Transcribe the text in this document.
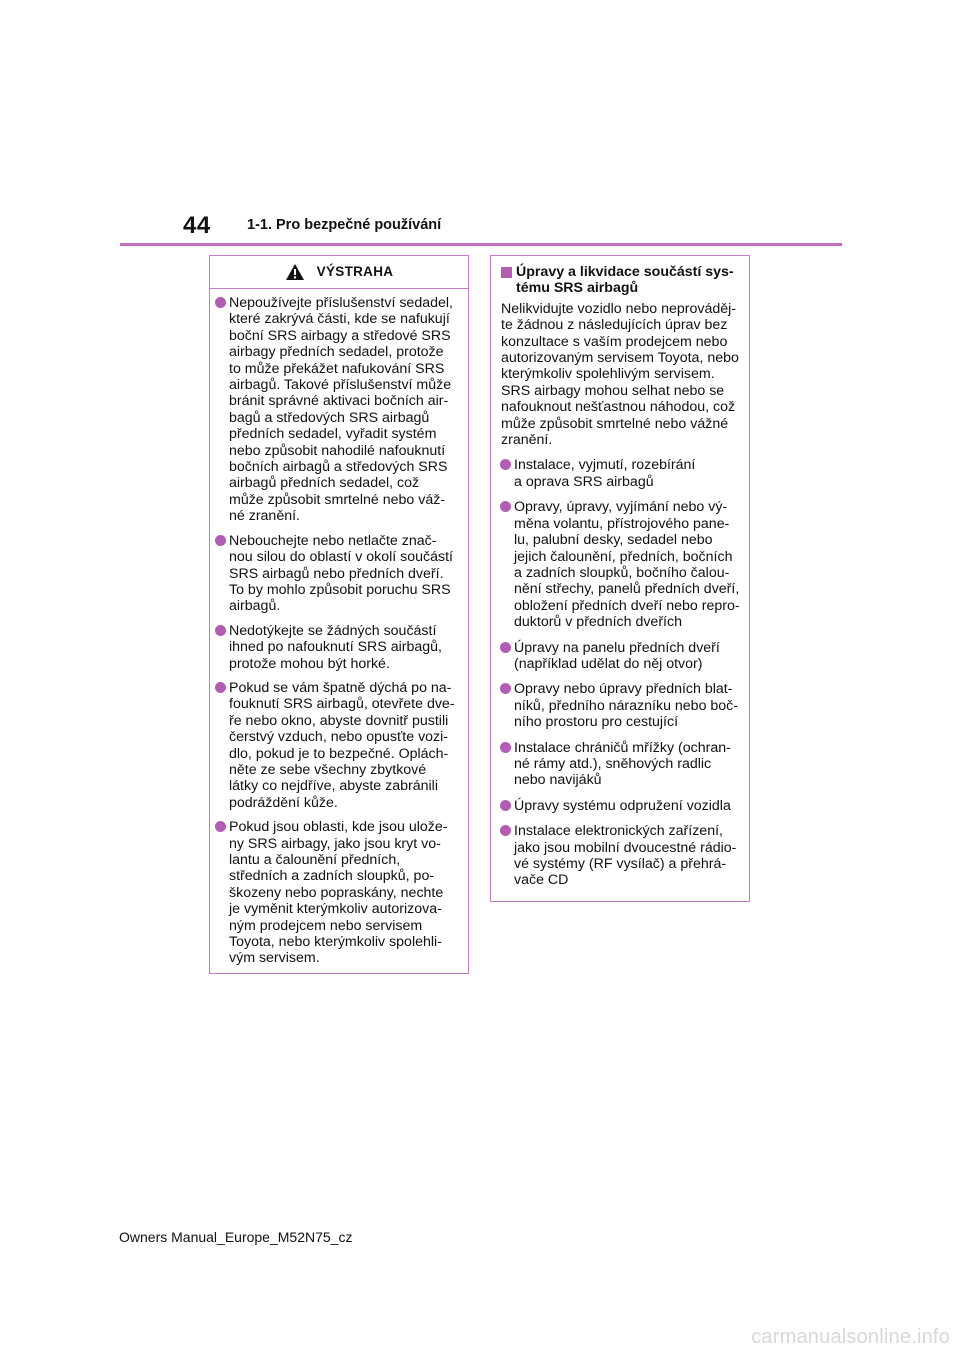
44	1-1. Pro bezpečné používání
VÝSTRAHA
Nepoužívejte příslušenství sedadel,
které zakrývá části, kde se nafukují
boční SRS airbagy a středové SRS
airbagy předních sedadel, protože
to může překážet nafukování SRS
airbagů. Takové příslušenství může
bránit správné aktivaci bočních air-
bagů a středových SRS airbagů
předních sedadel, vyřadit systém
nebo způsobit nahodilé nafouknutí
bočních airbagů a středových SRS
airbagů předních sedadel, což
může způsobit smrtelné nebo váž-
né zranění.
Nebouchejte nebo netlačte znač-
nou silou do oblastí v okolí součástí
SRS airbagů nebo předních dveří.
To by mohlo způsobit poruchu SRS
airbagů.
Nedotýkejte se žádných součástí
ihned po nafouknutí SRS airbagů,
protože mohou být horké.
Pokud se vám špatně dýchá po na-
fouknutí SRS airbagů, otevřete dve-
ře nebo okno, abyste dovnitř pustili
čerstvý vzduch, nebo opusťte vozi-
dlo, pokud je to bezpečné. Oplách-
něte ze sebe všechny zbytkové
látky co nejdříve, abyste zabránili
podráždění kůže.
Pokud jsou oblasti, kde jsou ulože-
ny SRS airbagy, jako jsou kryt vo-
lantu a čalounění předních,
středních a zadních sloupků, po-
škozeny nebo popraskány, nechte
je vyměnit kterýmkoliv autorizova-
ným prodejcem nebo servisem
Toyota, nebo kterýmkoliv spolehli-
vým servisem.
Úpravy a likvidace součástí sys-
tému SRS airbagů
Nelikvidujte vozidlo nebo neprováděj-
te žádnou z následujících úprav bez
konzultace s vaším prodejcem nebo
autorizovaným servisem Toyota, nebo
kterýmkoliv spolehlivým servisem.
SRS airbagy mohou selhat nebo se
nafouknout nešťastnou náhodou, což
může způsobit smrtelné nebo vážné
zranění.
Instalace, vyjmutí, rozebírání
a oprava SRS airbagů
Opravy, úpravy, vyjímání nebo vý-
měna volantu, přístrojového pane-
lu, palubní desky, sedadel nebo
jejich čalounění, předních, bočních
a zadních sloupků, bočního čalou-
nění střechy, panelů předních dveří,
obložení předních dveří nebo repro-
duktorů v předních dveřích
Úpravy na panelu předních dveří
(například udělat do něj otvor)
Opravy nebo úpravy předních blat-
níků, předního nárazníku nebo boč-
ního prostoru pro cestující
Instalace chráničů mřížky (ochran-
né rámy atd.), sněhových radlic
nebo navijáků
Úpravy systému odpružení vozidla
Instalace elektronických zařízení,
jako jsou mobilní dvoucestné rádio-
vé systémy (RF vysílač) a přehrá-
vače CD
Owners Manual_Europe_M52N75_cz
carmanualsonline.info
